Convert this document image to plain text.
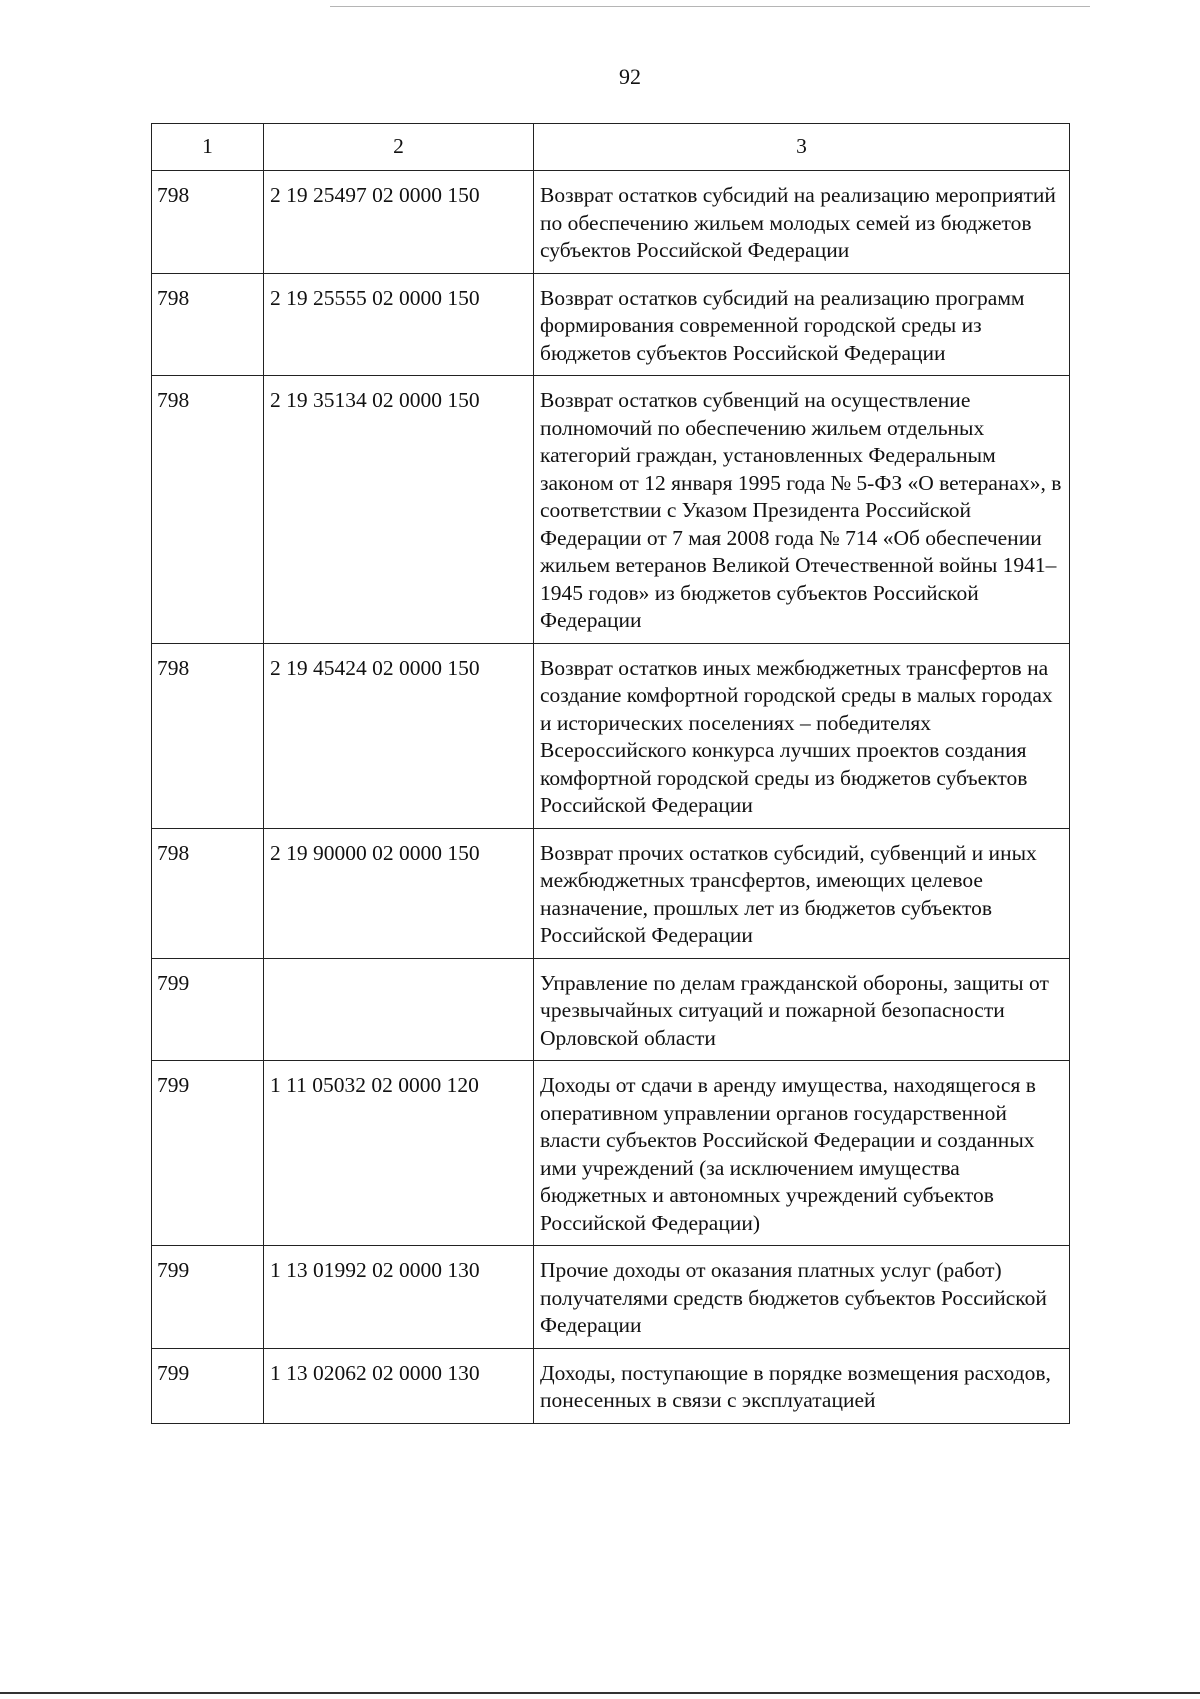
92
1	2	3
798	2 19 25497 02 0000 150	Возврат остатков субсидий на реализацию мероприятий по обеспечению жильем молодых семей из бюджетов субъектов Российской Федерации
798	2 19 25555 02 0000 150	Возврат остатков субсидий на реализацию программ формирования современной городской среды из бюджетов субъектов Российской Федерации
798	2 19 35134 02 0000 150	Возврат остатков субвенций на осуществление полномочий по обеспечению жильем отдельных категорий граждан, установленных Федеральным законом от 12 января 1995 года № 5-ФЗ «О ветеранах», в соответствии с Указом Президента Российской Федерации от 7 мая 2008 года № 714 «Об обеспечении жильем ветеранов Великой Отечественной войны 1941–1945 годов» из бюджетов субъектов Российской Федерации
798	2 19 45424 02 0000 150	Возврат остатков иных межбюджетных трансфертов на создание комфортной городской среды в малых городах и исторических поселениях – победителях Всероссийского конкурса лучших проектов создания комфортной городской среды из бюджетов субъектов Российской Федерации
798	2 19 90000 02 0000 150	Возврат прочих остатков субсидий, субвенций и иных межбюджетных трансфертов, имеющих целевое назначение, прошлых лет из бюджетов субъектов Российской Федерации
799		Управление по делам гражданской обороны, защиты от чрезвычайных ситуаций и пожарной безопасности Орловской области
799	1 11 05032 02 0000 120	Доходы от сдачи в аренду имущества, находящегося в оперативном управлении органов государственной власти субъектов Российской Федерации и созданных ими учреждений (за исключением имущества бюджетных и автономных учреждений субъектов Российской Федерации)
799	1 13 01992 02 0000 130	Прочие доходы от оказания платных услуг (работ) получателями средств бюджетов субъектов Российской Федерации
799	1 13 02062 02 0000 130	Доходы, поступающие в порядке возмещения расходов, понесенных в связи с эксплуатацией
